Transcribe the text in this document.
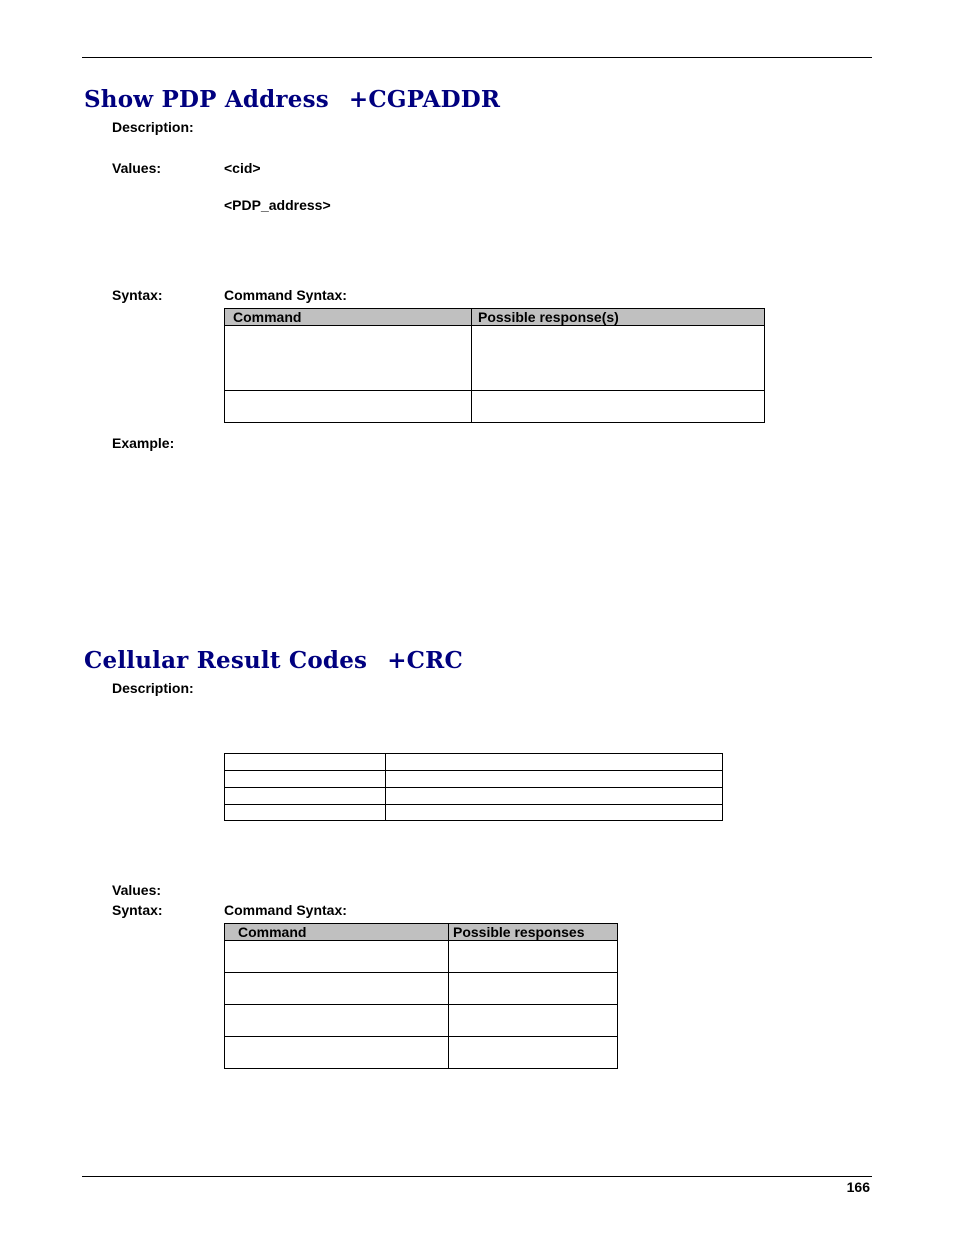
Show PDP Address +CGPADDR
Description:
Values:	<cid>
<PDP_address>
Syntax:	Command Syntax:
Command	Possible response(s)

Example:
Cellular Result Codes +CRC
Description:

Values:
Syntax:	Command Syntax:
Command	Possible responses

166
